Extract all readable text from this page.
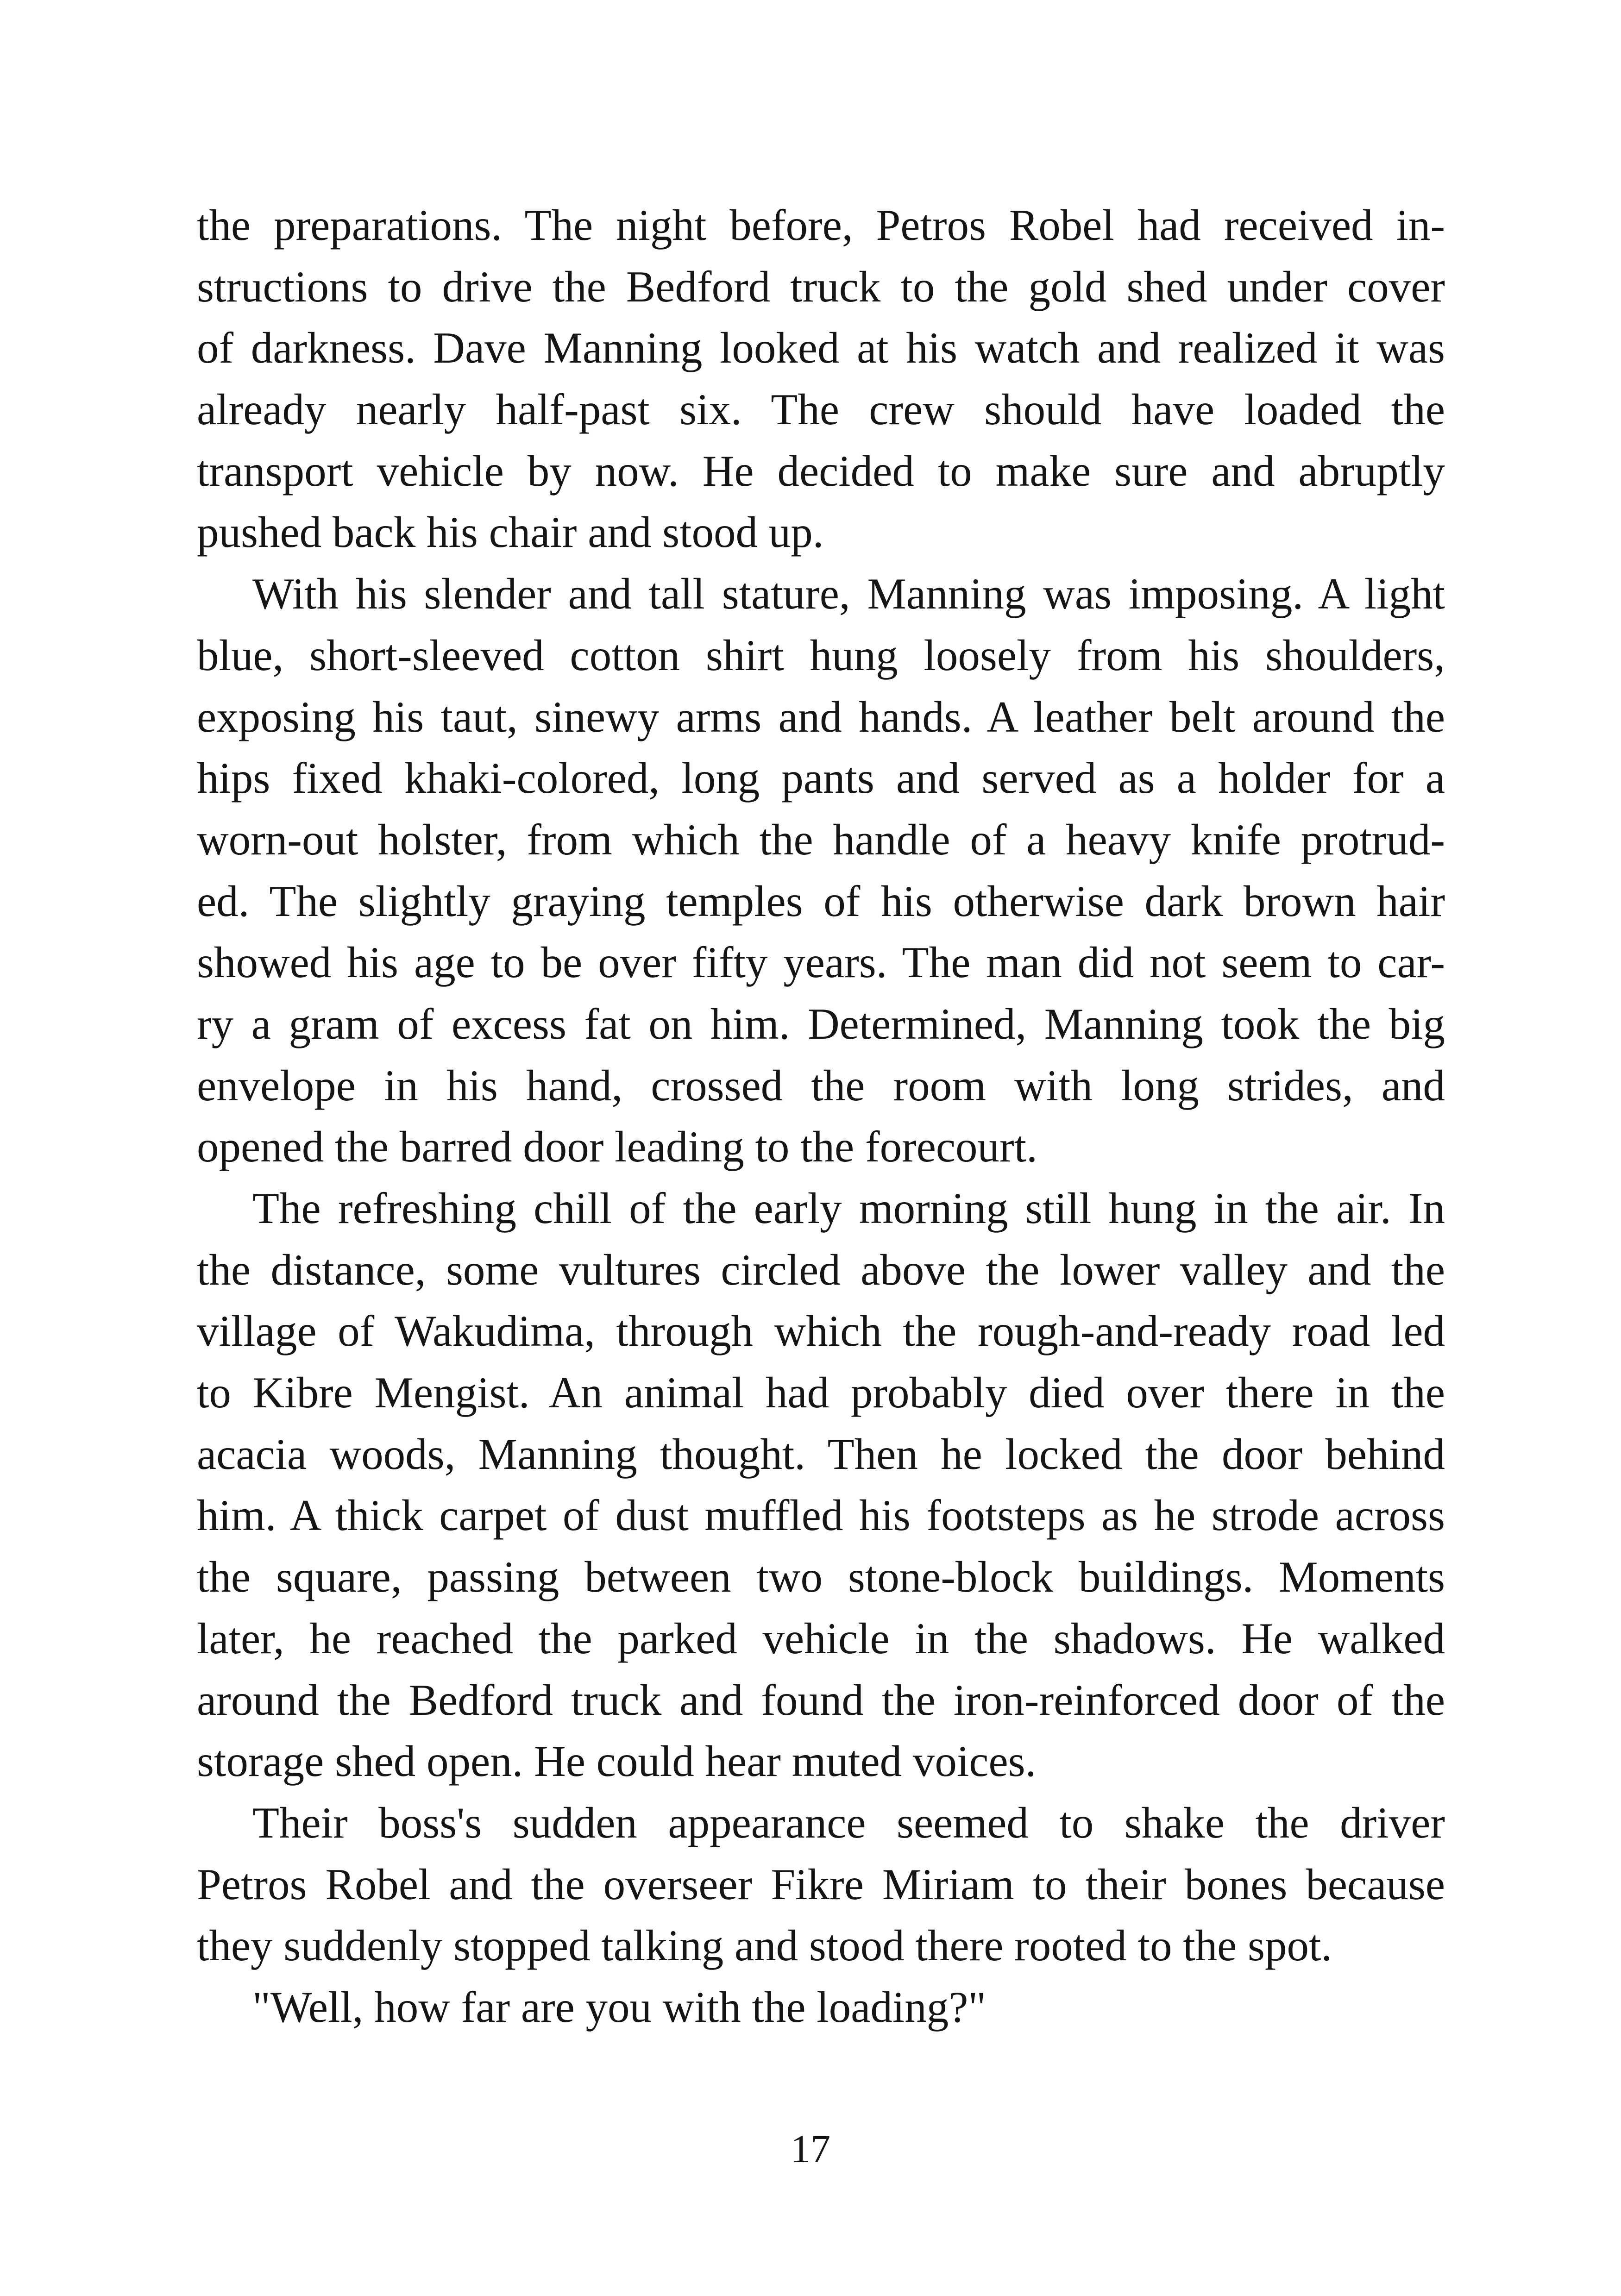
the preparations. The night before, Petros Robel had received in-
structions to drive the Bedford truck to the gold shed under cover
of darkness. Dave Manning looked at his watch and realized it was
already nearly half-past six. The crew should have loaded the
transport vehicle by now. He decided to make sure and abruptly
pushed back his chair and stood up.
With his slender and tall stature, Manning was imposing. A light
blue, short-sleeved cotton shirt hung loosely from his shoulders,
exposing his taut, sinewy arms and hands. A leather belt around the
hips fixed khaki-colored, long pants and served as a holder for a
worn-out holster, from which the handle of a heavy knife protrud-
ed. The slightly graying temples of his otherwise dark brown hair
showed his age to be over fifty years. The man did not seem to car-
ry a gram of excess fat on him. Determined, Manning took the big
envelope in his hand, crossed the room with long strides, and
opened the barred door leading to the forecourt.
The refreshing chill of the early morning still hung in the air. In
the distance, some vultures circled above the lower valley and the
village of Wakudima, through which the rough-and-ready road led
to Kibre Mengist. An animal had probably died over there in the
acacia woods, Manning thought. Then he locked the door behind
him. A thick carpet of dust muffled his footsteps as he strode across
the square, passing between two stone-block buildings. Moments
later, he reached the parked vehicle in the shadows. He walked
around the Bedford truck and found the iron-reinforced door of the
storage shed open. He could hear muted voices.
Their boss's sudden appearance seemed to shake the driver
Petros Robel and the overseer Fikre Miriam to their bones because
they suddenly stopped talking and stood there rooted to the spot.
"Well, how far are you with the loading?"
17
